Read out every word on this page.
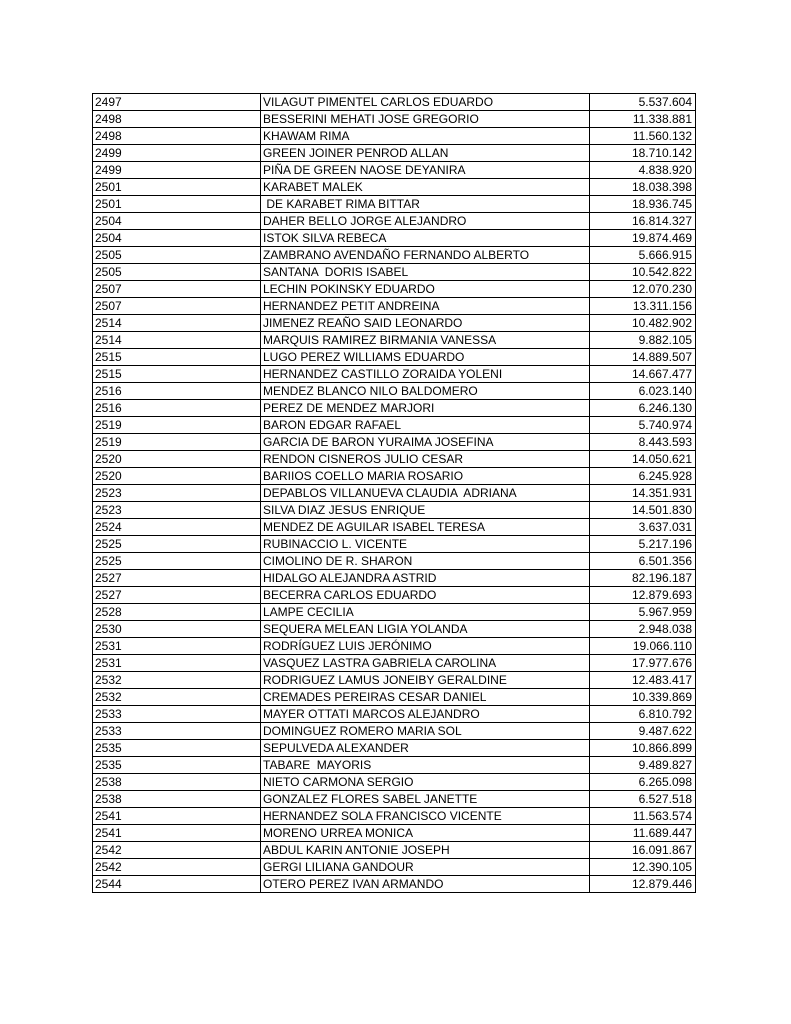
2497	VILAGUT PIMENTEL CARLOS EDUARDO	5.537.604
2498	BESSERINI MEHATI JOSE GREGORIO	11.338.881
2498	KHAWAM RIMA	11.560.132
2499	GREEN JOINER PENROD ALLAN	18.710.142
2499	PIÑA DE GREEN NAOSE DEYANIRA	4.838.920
2501	KARABET MALEK	18.038.398
2501	DE KARABET RIMA BITTAR	18.936.745
2504	DAHER BELLO JORGE ALEJANDRO	16.814.327
2504	ISTOK SILVA REBECA	19.874.469
2505	ZAMBRANO AVENDAÑO FERNANDO ALBERTO	5.666.915
2505	SANTANA  DORIS ISABEL	10.542.822
2507	LECHIN POKINSKY EDUARDO	12.070.230
2507	HERNANDEZ PETIT ANDREINA	13.311.156
2514	JIMENEZ REAÑO SAID LEONARDO	10.482.902
2514	MARQUIS RAMIREZ BIRMANIA VANESSA	9.882.105
2515	LUGO PEREZ WILLIAMS EDUARDO	14.889.507
2515	HERNANDEZ CASTILLO ZORAIDA YOLENI	14.667.477
2516	MENDEZ BLANCO NILO BALDOMERO	6.023.140
2516	PEREZ DE MENDEZ MARJORI	6.246.130
2519	BARON EDGAR RAFAEL	5.740.974
2519	GARCIA DE BARON YURAIMA JOSEFINA	8.443.593
2520	RENDON CISNEROS JULIO CESAR	14.050.621
2520	BARIIOS COELLO MARIA ROSARIO	6.245.928
2523	DEPABLOS VILLANUEVA CLAUDIA  ADRIANA	14.351.931
2523	SILVA DIAZ JESUS ENRIQUE	14.501.830
2524	MENDEZ DE AGUILAR ISABEL TERESA	3.637.031
2525	RUBINACCIO L. VICENTE	5.217.196
2525	CIMOLINO DE R. SHARON	6.501.356
2527	HIDALGO ALEJANDRA ASTRID	82.196.187
2527	BECERRA CARLOS EDUARDO	12.879.693
2528	LAMPE CECILIA	5.967.959
2530	SEQUERA MELEAN LIGIA YOLANDA	2.948.038
2531	RODRÍGUEZ LUIS JERÓNIMO	19.066.110
2531	VASQUEZ LASTRA GABRIELA CAROLINA	17.977.676
2532	RODRIGUEZ LAMUS JONEIBY GERALDINE	12.483.417
2532	CREMADES PEREIRAS CESAR DANIEL	10.339.869
2533	MAYER OTTATI MARCOS ALEJANDRO	6.810.792
2533	DOMINGUEZ ROMERO MARIA SOL	9.487.622
2535	SEPULVEDA ALEXANDER	10.866.899
2535	TABARE  MAYORIS	9.489.827
2538	NIETO CARMONA SERGIO	6.265.098
2538	GONZALEZ FLORES SABEL JANETTE	6.527.518
2541	HERNANDEZ SOLA FRANCISCO VICENTE	11.563.574
2541	MORENO URREA MONICA	11.689.447
2542	ABDUL KARIN ANTONIE JOSEPH	16.091.867
2542	GERGI LILIANA GANDOUR	12.390.105
2544	OTERO PEREZ IVAN ARMANDO	12.879.446
